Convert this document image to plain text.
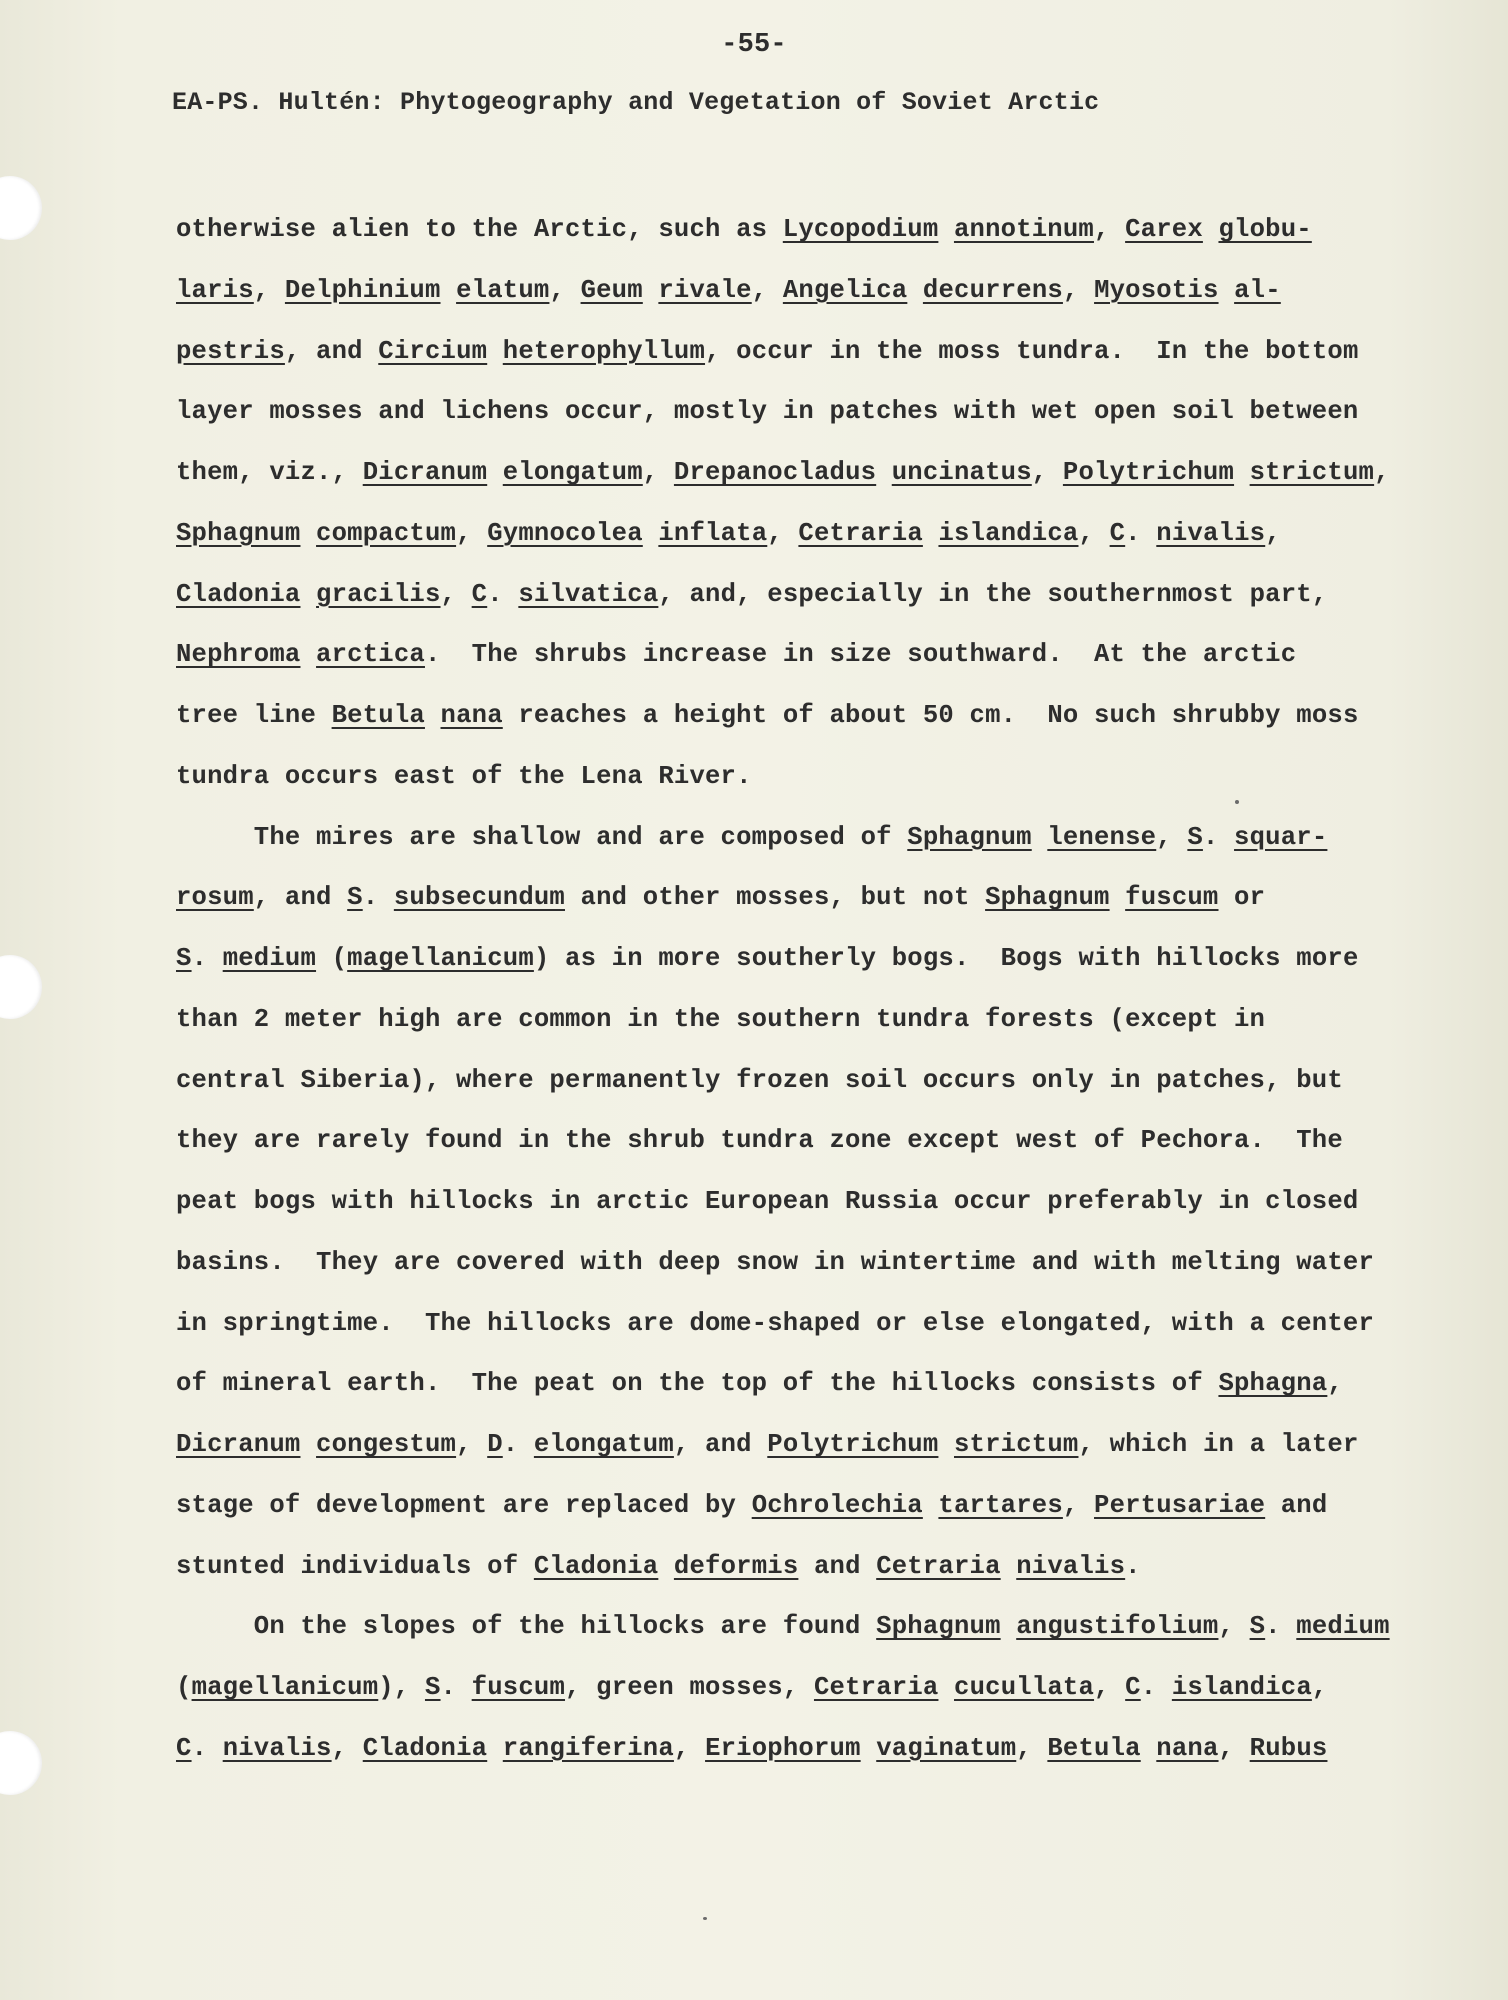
-55-
EA-PS. Hultén: Phytogeography and Vegetation of Soviet Arctic
otherwise alien to the Arctic, such as Lycopodium annotinum, Carex globu-
laris, Delphinium elatum, Geum rivale, Angelica decurrens, Myosotis al-
pestris, and Circium heterophyllum, occur in the moss tundra.  In the bottom
layer mosses and lichens occur, mostly in patches with wet open soil between
them, viz., Dicranum elongatum, Drepanocladus uncinatus, Polytrichum strictum,
Sphagnum compactum, Gymnocolea inflata, Cetraria islandica, C. nivalis,
Cladonia gracilis, C. silvatica, and, especially in the southernmost part,
Nephroma arctica.  The shrubs increase in size southward.  At the arctic
tree line Betula nana reaches a height of about 50 cm.  No such shrubby moss
tundra occurs east of the Lena River.
The mires are shallow and are composed of Sphagnum lenense, S. squar-
rosum, and S. subsecundum and other mosses, but not Sphagnum fuscum or
S. medium (magellanicum) as in more southerly bogs.  Bogs with hillocks more
than 2 meter high are common in the southern tundra forests (except in
central Siberia), where permanently frozen soil occurs only in patches, but
they are rarely found in the shrub tundra zone except west of Pechora.  The
peat bogs with hillocks in arctic European Russia occur preferably in closed
basins.  They are covered with deep snow in wintertime and with melting water
in springtime.  The hillocks are dome-shaped or else elongated, with a center
of mineral earth.  The peat on the top of the hillocks consists of Sphagna,
Dicranum congestum, D. elongatum, and Polytrichum strictum, which in a later
stage of development are replaced by Ochrolechia tartares, Pertusariae and
stunted individuals of Cladonia deformis and Cetraria nivalis.
On the slopes of the hillocks are found Sphagnum angustifolium, S. medium
(magellanicum), S. fuscum, green mosses, Cetraria cucullata, C. islandica,
C. nivalis, Cladonia rangiferina, Eriophorum vaginatum, Betula nana, Rubus
